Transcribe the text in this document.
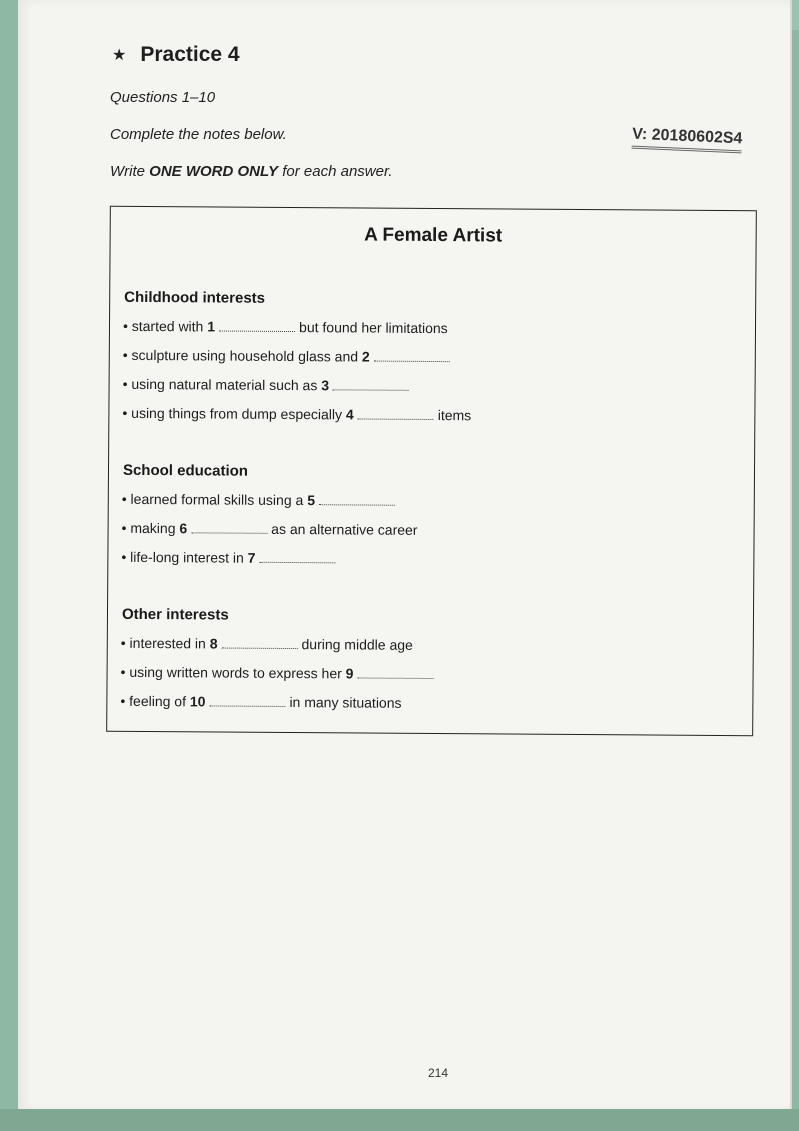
★ Practice 4
Questions 1–10
Complete the notes below.
Write ONE WORD ONLY for each answer.
V: 20180602S4
A Female Artist
Childhood interests
• started with 1	but found her limitations
• sculpture using household glass and 2
• using natural material such as 3
• using things from dump especially 4	items
School education
• learned formal skills using a 5
• making 6	as an alternative career
• life-long interest in 7
Other interests
• interested in 8	during middle age
• using written words to express her 9
• feeling of 10	in many situations
214
